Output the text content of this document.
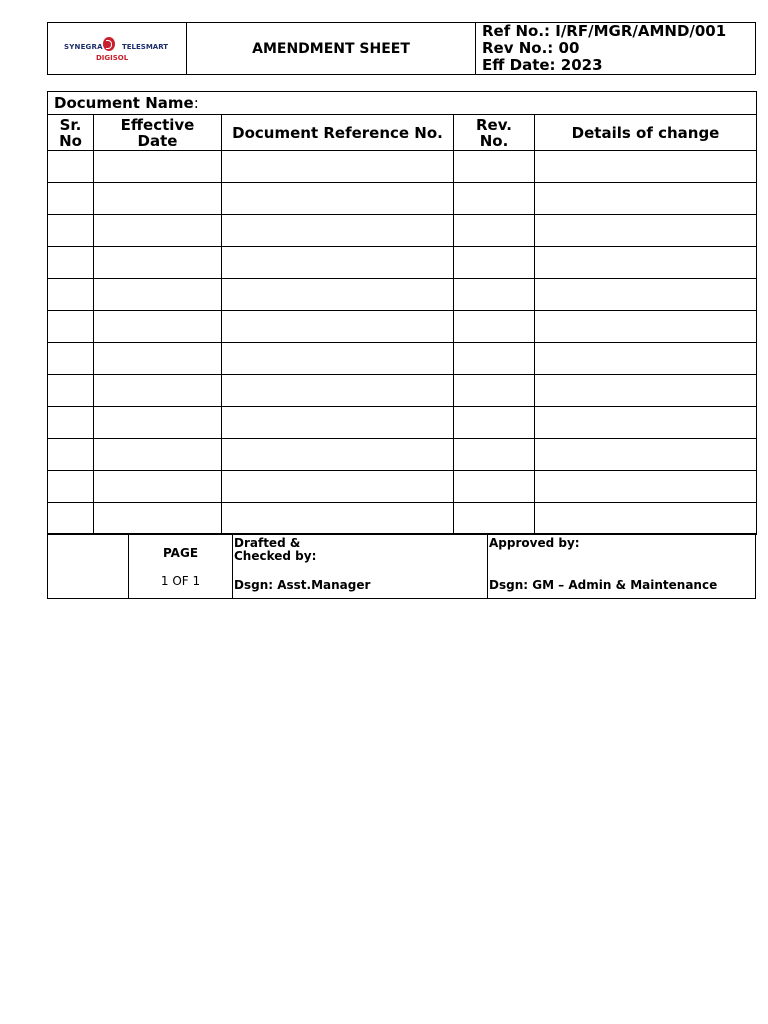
SYNEGRA	TELESMART
DIGISOL
	AMENDMENT SHEET	
Ref No.: I/RF/MGR/AMND/001
Rev No.: 00
Eff Date: 2023
Document Name:				
Sr. No	Effective Date	Document Reference No.	Rev. No.	Details of change

PAGE
1 OF 1

Drafted &
Checked by:
Dsgn: Asst.Manager

Approved by:
Dsgn: GM – Admin & Maintenance
